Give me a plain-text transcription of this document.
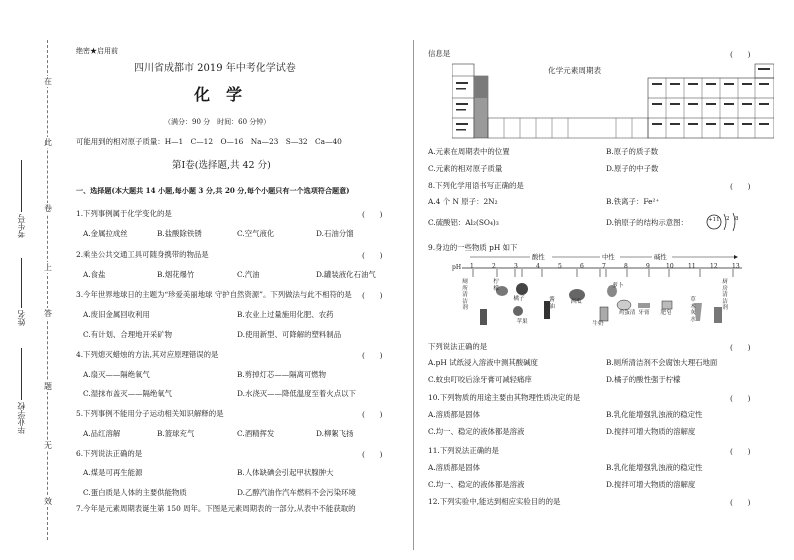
在
此
卷
上
答
题
无
效
考生号
姓名
毕业学校
绝密★启用前
四川省成都市 2019 年中考化学试卷
化　学
（满分：90 分　时间：60 分钟）
可能用到的相对原子质量：H—1　C—12　O—16　Na—23　S—32　Ca—40
第Ⅰ卷(选择题,共 42 分)
一、选择题(本大题共 14 小题,每小题 3 分,共 20 分,每个小题只有一个选项符合题意)
1.下列事例属于化学变化的是	(　　)
A.金属拉成丝	B.盐酸除铁锈	C.空气液化	D.石油分馏
2.乘坐公共交通工具可随身携带的物品是	(　　)
A.食盐	B.烟花爆竹	C.汽油	D.罐装液化石油气
3.今年世界地球日的主题为“珍爱美丽地球 守护自然资源”。下列做法与此不相符的是 (　　)
A.废旧金属回收利用	B.农业上过量施用化肥、农药
C.有计划、合理地开采矿物	D.使用新型、可降解的塑料制品
4.下列熄灭蜡烛的方法,其对应原理错误的是	(　　)
A.扇灭——隔绝氧气	B.剪掉灯芯——隔离可燃物
C.湿抹布盖灭——隔绝氧气	D.水浇灭——降低温度至着火点以下
5.下列事例不能用分子运动相关知识解释的是	(　　)
A.品红溶解	B.篮球充气	C.酒精挥发	D.柳絮飞扬
6.下列说法正确的是	(　　)
A.煤是可再生能源	B.人体缺碘会引起甲状腺肿大
C.蛋白质是人体的主要供能物质	D.乙醇汽油作汽车燃料不会污染环境
7.今年是元素周期表诞生第 150 周年。下图是元素周期表的一部分,从表中不能获取的
信息是	(　　)
化学元素周期表
A.元素在周期表中的位置	B.原子的质子数
C.元素的相对原子质量	D.原子的中子数
8.下列化学用语书写正确的是	(　　)
A.4 个 N 原子：2N₂	B.铁离子：Fe²⁺
C.硫酸铝：Al₂(SO₄)₃	D.钠原子的结构示意图：	+11 2 8
9.身边的一些物质 pH 如下
酸性	中性	碱性
pH 1	2	3	4	5	6	7	8	9	10 11 12 13
厕所清洁剂
柠檬
橘子
苹果
酱油
西瓜
牛奶
萝卜
鸡蛋清 牙膏	肥皂
草木灰水
厨房清洁剂
下列说法正确的是	(　　)
A.pH 试纸浸入溶液中测其酸碱度	B.厕所清洁剂不会腐蚀大理石地面
C.蚊虫叮咬后涂牙膏可减轻痛痒	D.橘子的酸性强于柠檬
10.下列物质的用途主要由其物理性质决定的是	(　　)
A.溶质都是固体	B.乳化能增强乳浊液的稳定性
C.均一、稳定的液体都是溶液	D.搅拌可增大物质的溶解度
11.下列说法正确的是	(　　)
A.溶质都是固体	B.乳化能增强乳浊液的稳定性
C.均一、稳定的液体都是溶液	D.搅拌可增大物质的溶解度
12.下列实验中,能达到相应实验目的的是	(　　)
